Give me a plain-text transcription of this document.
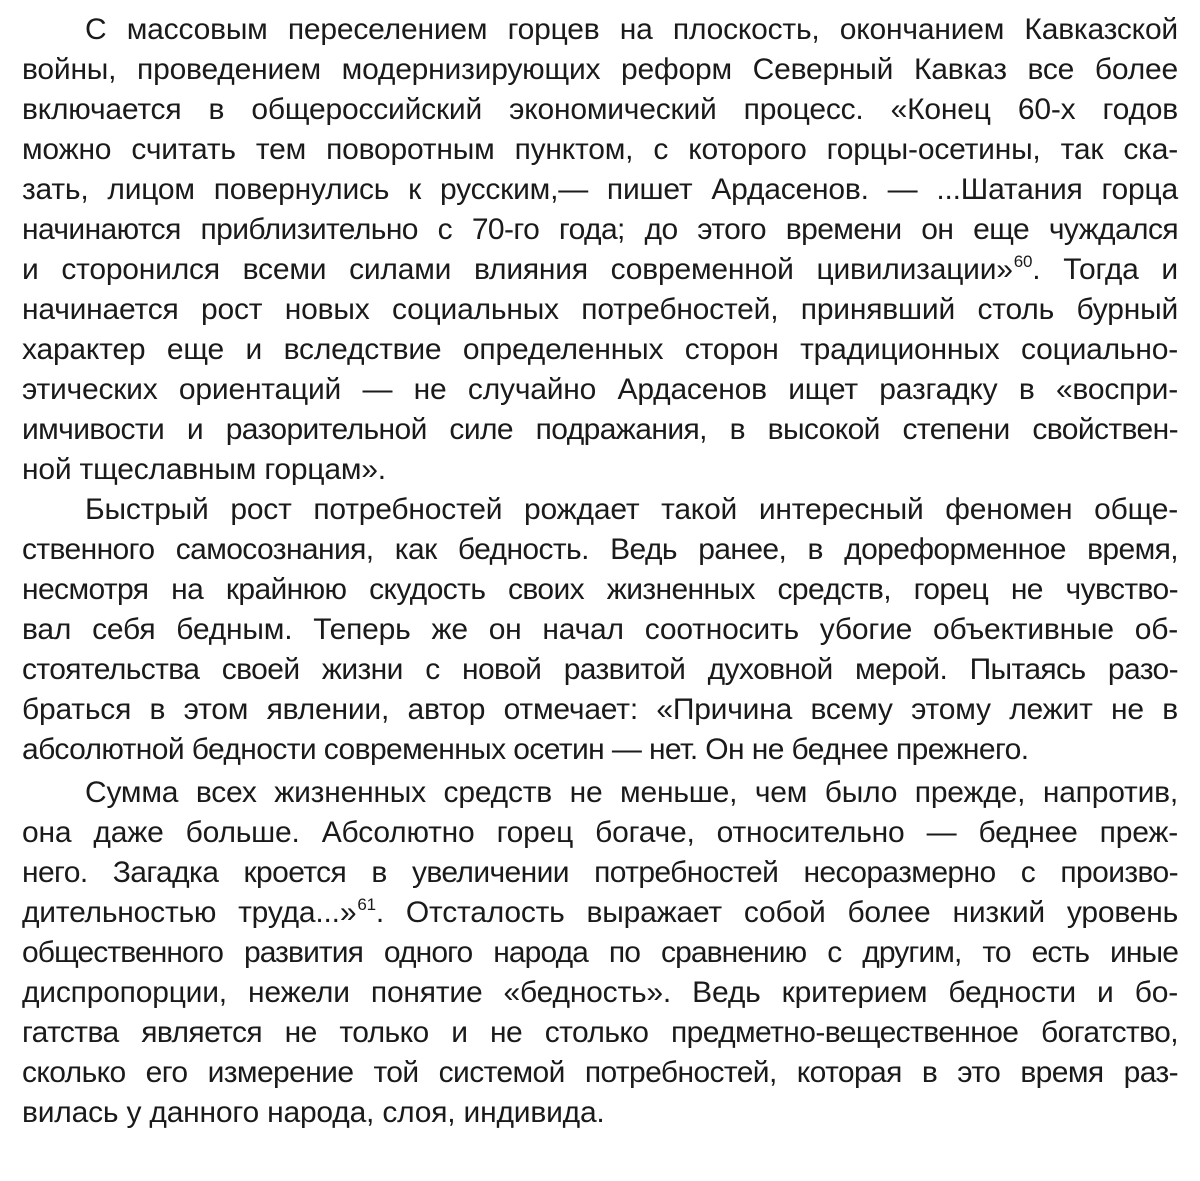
С массовым переселением горцев на плоскость, окончанием Кавказской
войны, проведением модернизирующих реформ Северный Кавказ все более
включается в общероссийский экономический процесс. «Конец 60-х годов
можно считать тем поворотным пунктом, с которого горцы-осетины, так ска-
зать, лицом повернулись к русским,— пишет Ардасенов. — ...Шатания горца
начинаются приблизительно с 70-го года; до этого времени он еще чуждался
и сторонился всеми силами влияния современной цивилизации»$^{60}$. Тогда и
начинается рост новых социальных потребностей, принявший столь бурный
характер еще и вследствие определенных сторон традиционных социально-
этических ориентаций — не случайно Ардасенов ищет разгадку в «воспри-
имчивости и разорительной силе подражания, в высокой степени свойствен-
ной тщеславным горцам».
Быстрый рост потребностей рождает такой интересный феномен обще-
ственного самосознания, как бедность. Ведь ранее, в дореформенное время,
несмотря на крайнюю скудость своих жизненных средств, горец не чувство-
вал себя бедным. Теперь же он начал соотносить убогие объективные об-
стоятельства своей жизни с новой развитой духовной мерой. Пытаясь разо-
браться в этом явлении, автор отмечает: «Причина всему этому лежит не в
абсолютной бедности современных осетин — нет. Он не беднее прежнего.
Сумма всех жизненных средств не меньше, чем было прежде, напротив,
она даже больше. Абсолютно горец богаче, относительно — беднее преж-
него. Загадка кроется в увеличении потребностей несоразмерно с произво-
дительностью труда...»$^{61}$. Отсталость выражает собой более низкий уровень
общественного развития одного народа по сравнению с другим, то есть иные
диспропорции, нежели понятие «бедность». Ведь критерием бедности и бо-
гатства является не только и не столько предметно-вещественное богатство,
сколько его измерение той системой потребностей, которая в это время раз-
вилась у данного народа, слоя, индивида.
